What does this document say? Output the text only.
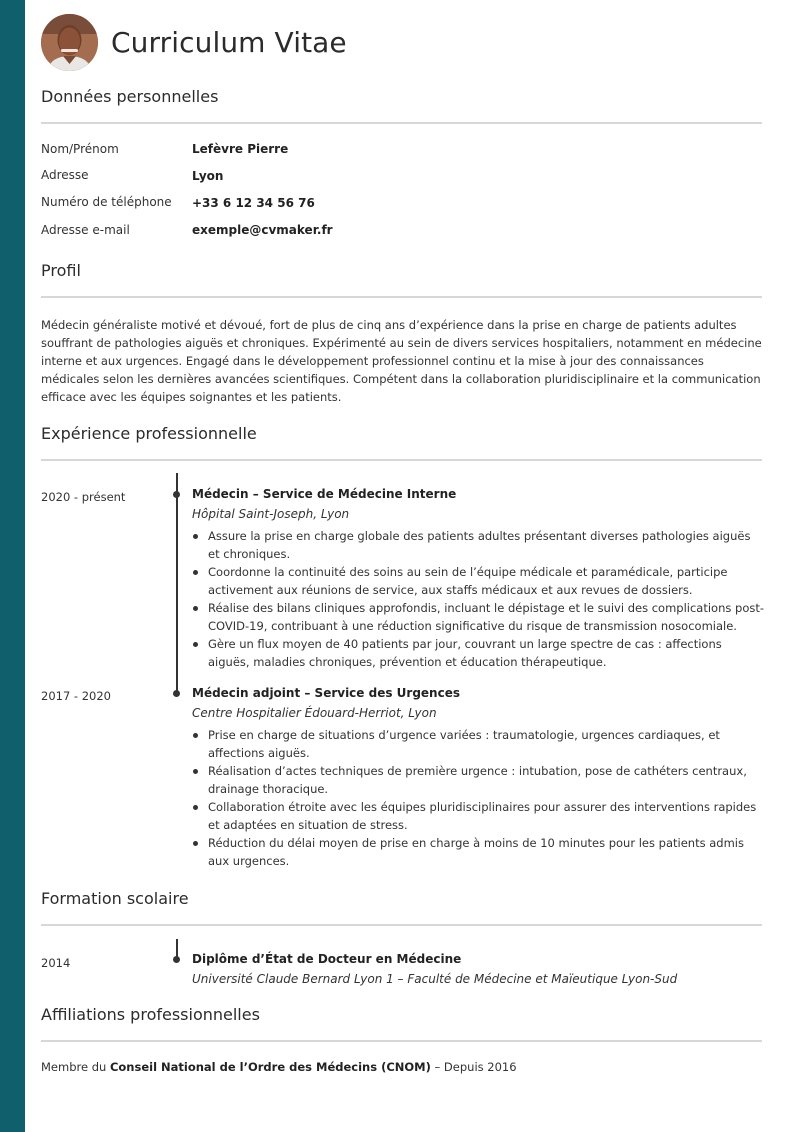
Curriculum Vitae
Données personnelles
Nom/Prénom	Lefèvre Pierre
Adresse	Lyon
Numéro de téléphone +33 6 12 34 56 76
Adresse e-mail	exemple@cvmaker.fr
Profil

Médecin généraliste motivé et dévoué, fort de plus de cinq ans d’expérience dans la prise en charge de patients adultes souffrant de pathologies aiguës et chroniques. Expérimenté au sein de divers services hospitaliers, notamment en médecine interne et aux urgences. Engagé dans le développement professionnel continu et la mise à jour des connaissances médicales selon les dernières avancées scientifiques. Compétent dans la collaboration pluridisciplinaire et la communication efficace avec les équipes soignantes et les patients.

Expérience professionnelle
2020 - présent	Médecin – Service de Médecine Interne
Hôpital Saint-Joseph, Lyon
Assure la prise en charge globale des patients adultes présentant diverses pathologies aiguës et chroniques.
Coordonne la continuité des soins au sein de l’équipe médicale et paramédicale, participe activement aux réunions de service, aux staffs médicaux et aux revues de dossiers.
Réalise des bilans cliniques approfondis, incluant le dépistage et le suivi des complications post-COVID-19, contribuant à une réduction significative du risque de transmission nosocomiale.
Gère un flux moyen de 40 patients par jour, couvrant un large spectre de cas : affections aiguës, maladies chroniques, prévention et éducation thérapeutique.
2017 - 2020	Médecin adjoint – Service des Urgences
Centre Hospitalier Édouard-Herriot, Lyon
Prise en charge de situations d’urgence variées : traumatologie, urgences cardiaques, et affections aiguës.
Réalisation d’actes techniques de première urgence : intubation, pose de cathéters centraux, drainage thoracique.
Collaboration étroite avec les équipes pluridisciplinaires pour assurer des interventions rapides et adaptées en situation de stress.
Réduction du délai moyen de prise en charge à moins de 10 minutes pour les patients admis aux urgences.
Formation scolaire
2014	Diplôme d’État de Docteur en Médecine
Université Claude Bernard Lyon 1 – Faculté de Médecine et Maïeutique Lyon-Sud
Affiliations professionnelles
Membre du Conseil National de l’Ordre des Médecins (CNOM) – Depuis 2016
